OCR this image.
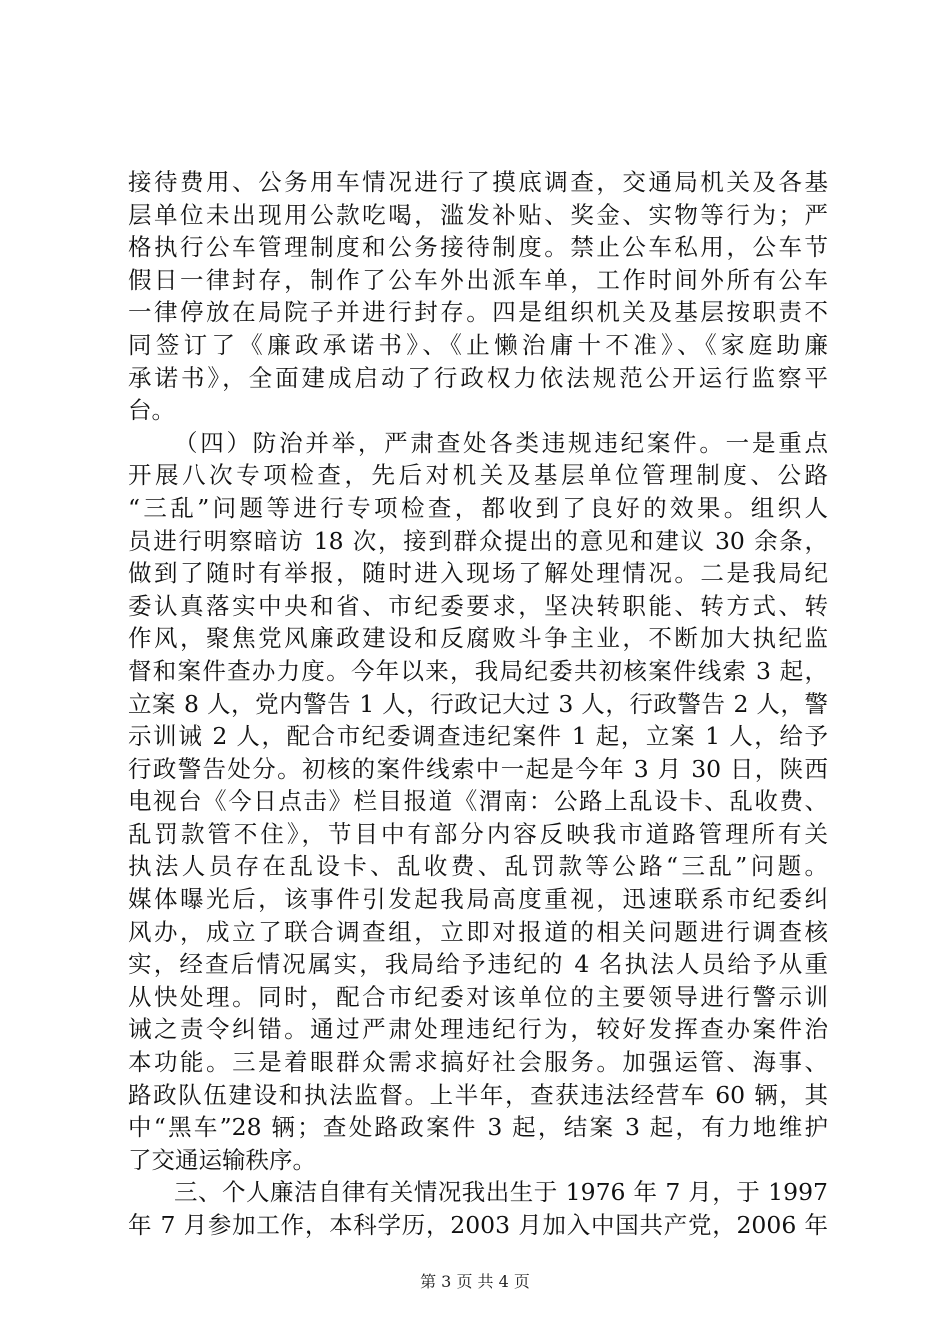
接待费用、公务用车情况进行了摸底调查，交通局机关及各基
层单位未出现用公款吃喝，滥发补贴、奖金、实物等行为；严
格执行公车管理制度和公务接待制度。禁止公车私用，公车节
假日一律封存，制作了公车外出派车单，工作时间外所有公车
一律停放在局院子并进行封存。四是组织机关及基层按职责不
同签订了《廉政承诺书》、《止懒治庸十不准》、《家庭助廉
承诺书》，全面建成启动了行政权力依法规范公开运行监察平
台。
（四）防治并举，严肃查处各类违规违纪案件。一是重点
开展八次专项检查，先后对机关及基层单位管理制度、公路
“三乱”问题等进行专项检查，都收到了良好的效果。组织人
员进行明察暗访 18 次，接到群众提出的意见和建议 30 余条，
做到了随时有举报，随时进入现场了解处理情况。二是我局纪
委认真落实中央和省、市纪委要求，坚决转职能、转方式、转
作风，聚焦党风廉政建设和反腐败斗争主业，不断加大执纪监
督和案件查办力度。今年以来，我局纪委共初核案件线索 3 起，
立案 8 人，党内警告 1 人，行政记大过 3 人，行政警告 2 人，警
示训诫 2 人，配合市纪委调查违纪案件 1 起，立案 1 人，给予
行政警告处分。初核的案件线索中一起是今年 3 月 30 日，陕西
电视台《今日点击》栏目报道《渭南：公路上乱设卡、乱收费、
乱罚款管不住》，节目中有部分内容反映我市道路管理所有关
执法人员存在乱设卡、乱收费、乱罚款等公路“三乱”问题。
媒体曝光后，该事件引发起我局高度重视，迅速联系市纪委纠
风办，成立了联合调查组，立即对报道的相关问题进行调查核
实，经查后情况属实，我局给予违纪的 4 名执法人员给予从重
从快处理。同时，配合市纪委对该单位的主要领导进行警示训
诫之责令纠错。通过严肃处理违纪行为，较好发挥查办案件治
本功能。三是着眼群众需求搞好社会服务。加强运管、海事、
路政队伍建设和执法监督。上半年，查获违法经营车 60 辆，其
中“黑车”28 辆；查处路政案件 3 起，结案 3 起，有力地维护
了交通运输秩序。
三、个人廉洁自律有关情况我出生于 1976 年 7 月，于 1997
年 7 月参加工作，本科学历，2003 月加入中国共产党，2006 年
第 3 页 共 4 页
